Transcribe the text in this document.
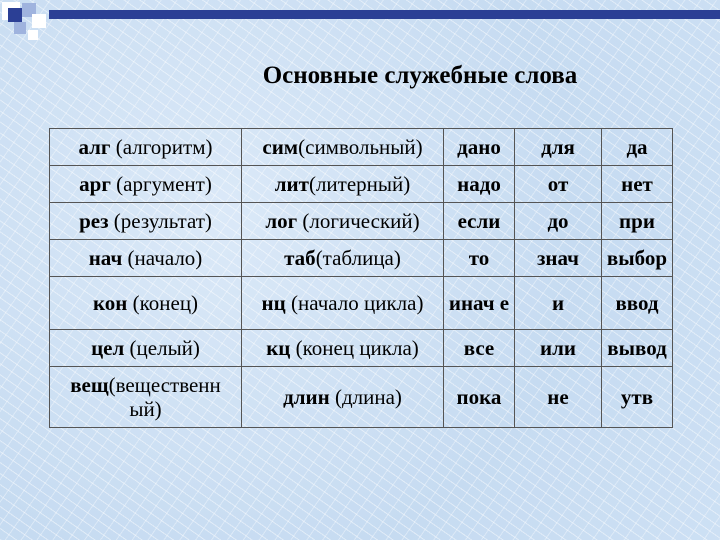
Основные служебные слова
алг (алгоритм)	сим(символьный)	дано	для	да
арг (аргумент)	лит(литерный)	надо	от	нет
рез (результат)	лог (логический)	если	до	при
нач (начало)	таб(таблица)	то	знач	выбор
кон (конец)	нц (начало цикла)	инач е	и	ввод
цел (целый)	кц (конец цикла)	все	или	вывод
вещ(вещественн ый)	длин (длина)	пока	не	утв
